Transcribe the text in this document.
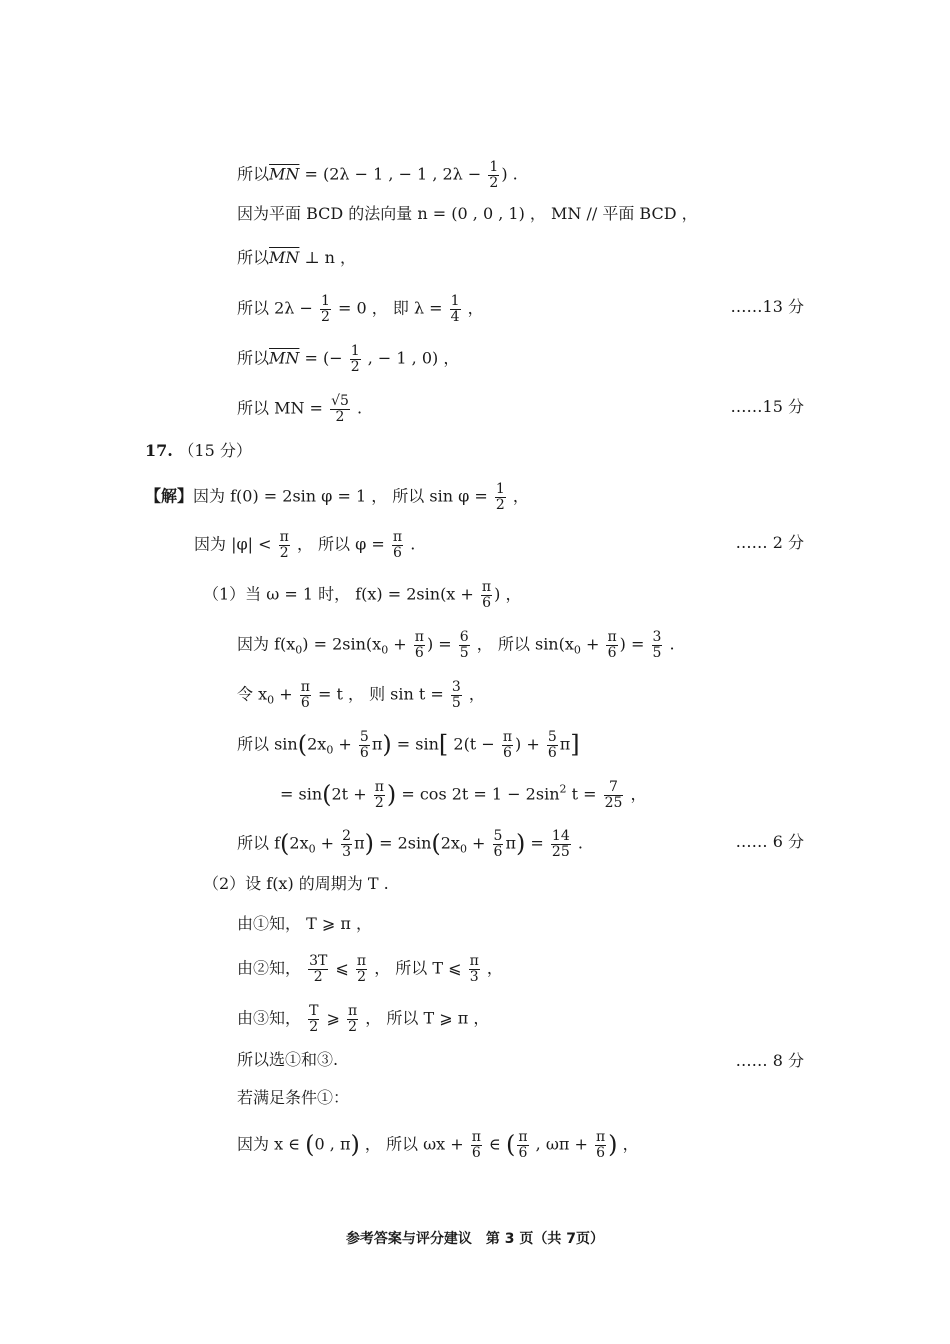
所以$\overline{MN} = (2\lambda - 1$ , − 1 , $2\lambda - \frac{1}{2}$ ) .
因为平面 BCD 的法向量 n = (0 , 0 , 1) ， MN // 平面 BCD ，
所以$\overline{MN}$ ⊥ n ，
所以 $2\lambda - \frac{1}{2} = 0$ ， 即 $\lambda = \frac{1}{4}$ ，	……13 分
所以$\overline{MN}$ = (− $\frac{1}{2}$ , − 1 , 0) ，
所以 MN = $\frac{√5}{2}$ .	……15 分
17. （15 分）
【解】因为 f(0) = 2sin φ = 1 ， 所以 $\sin \varphi = \frac{1}{2}$ ，
因为 $|\varphi| < \frac{\pi}{2}$ ， 所以 $\varphi = \frac{\pi}{6}$ .	…… 2 分
（1）当 ω = 1 时， $f(x) = 2\sin(x + \frac{\pi}{6}$ ) ，
因为 $f(x_0) = 2\sin(x_0 + \frac{\pi}{6}$ ) = $\frac{6}{5}$ ， 所以 $\sin(x_0 + \frac{\pi}{6}$ ) = $\frac{3}{5}$ .
令 $x_0 + \frac{\pi}{6} = t$ ， 则 $\sin t = \frac{3}{5}$ ，
所以 $\sin(2x_0 + \frac{5}{6} \pi) = \sin$[ $2(t - \frac{\pi}{6}$ ) + $\frac{5}{6} \pi$]
= $\sin(2t + \frac{\pi}{2}$ ) = $\cos 2t = 1 - 2\sin^2$ $t = \frac{7}{25}$ ，
所以 $f(2x_0 + \frac{2}{3} \pi) = 2\sin(2x_0 + \frac{5}{6} \pi) = \frac{14}{25}$ .	…… 6 分
（2）设 f(x) 的周期为 T .
由①知， T ⩾ π ，
由②知， $\frac{3T}{2}$ ⩽ $\frac{\pi}{2}$ ， 所以 T ⩽ $\frac{\pi}{3}$ ，
由③知， $\frac{T}{2}$ ⩾ $\frac{\pi}{2}$ ， 所以 T ⩾ π ，
所以选①和③.	…… 8 分
若满足条件①：
因为 x ∈ (0 , π) ， 所以 $\omega x + \frac{\pi}{6}$ ∈ ( $\frac{\pi}{6}$ , $\omega\pi + \frac{\pi}{6}$ ) ，
参考答案与评分建议　第 3 页（共 7页）
